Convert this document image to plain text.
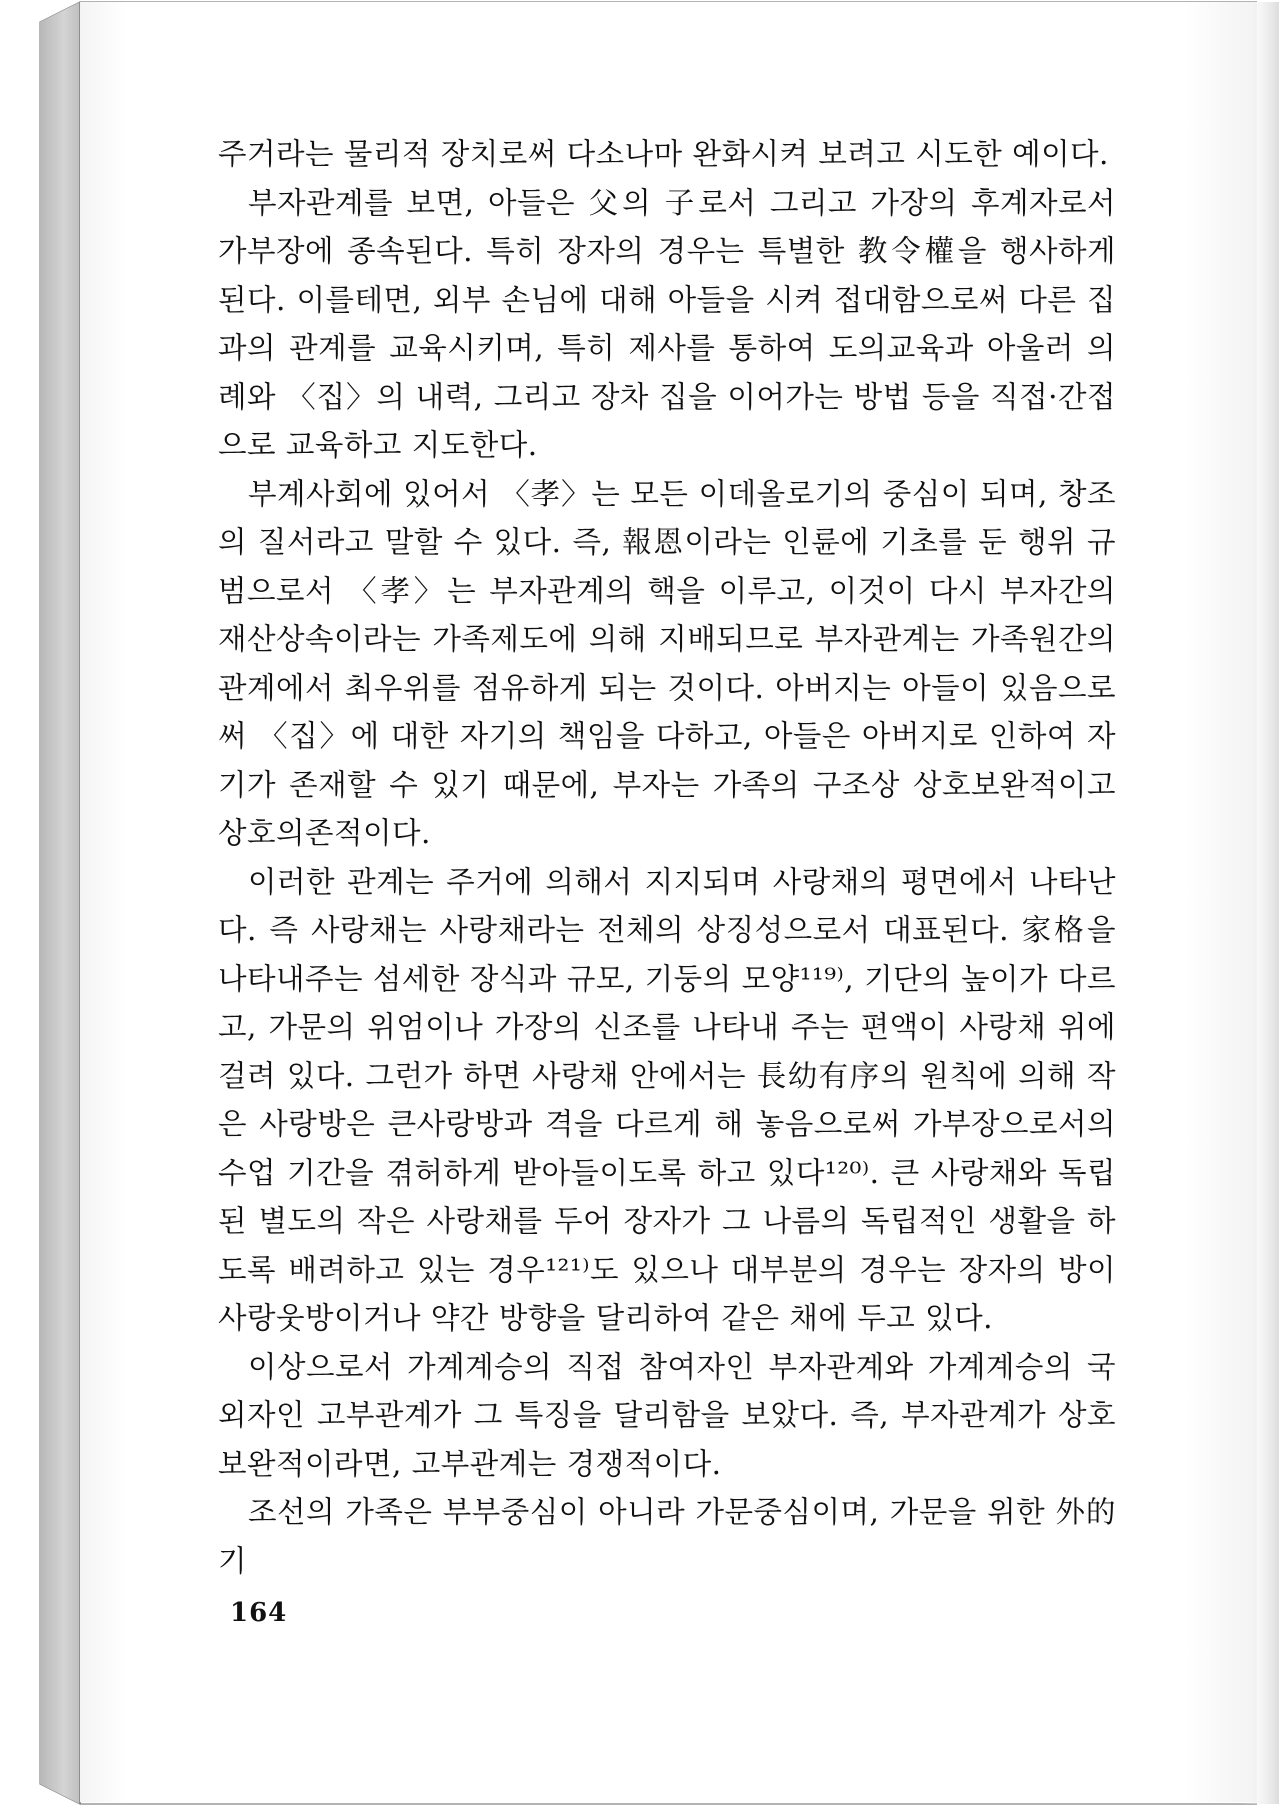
주거라는 물리적 장치로써 다소나마 완화시켜 보려고 시도한 예이다.

부자관계를 보면, 아들은 父의 子로서 그리고 가장의 후계자로서 가부장에 종속된다. 특히 장자의 경우는 특별한 教令權을 행사하게 된다. 이를테면, 외부 손님에 대해 아들을 시켜 접대함으로써 다른 집과의 관계를 교육시키며, 특히 제사를 통하여 도의교육과 아울러 의례와 〈집〉의 내력, 그리고 장차 집을 이어가는 방법 등을 직접·간접으로 교육하고 지도한다.

부계사회에 있어서 〈孝〉는 모든 이데올로기의 중심이 되며, 창조의 질서라고 말할 수 있다. 즉, 報恩이라는 인륜에 기초를 둔 행위 규범으로서 〈孝〉는 부자관계의 핵을 이루고, 이것이 다시 부자간의 재산상속이라는 가족제도에 의해 지배되므로 부자관계는 가족원간의 관계에서 최우위를 점유하게 되는 것이다. 아버지는 아들이 있음으로써 〈집〉에 대한 자기의 책임을 다하고, 아들은 아버지로 인하여 자기가 존재할 수 있기 때문에, 부자는 가족의 구조상 상호보완적이고 상호의존적이다.

이러한 관계는 주거에 의해서 지지되며 사랑채의 평면에서 나타난다. 즉 사랑채는 사랑채라는 전체의 상징성으로서 대표된다. 家格을 나타내주는 섬세한 장식과 규모, 기둥의 모양¹¹⁹⁾, 기단의 높이가 다르고, 가문의 위엄이나 가장의 신조를 나타내 주는 편액이 사랑채 위에 걸려 있다. 그런가 하면 사랑채 안에서는 長幼有序의 원칙에 의해 작은 사랑방은 큰사랑방과 격을 다르게 해 놓음으로써 가부장으로서의 수업 기간을 겪허하게 받아들이도록 하고 있다¹²⁰⁾. 큰 사랑채와 독립된 별도의 작은 사랑채를 두어 장자가 그 나름의 독립적인 생활을 하도록 배려하고 있는 경우¹²¹⁾도 있으나 대부분의 경우는 장자의 방이 사랑웃방이거나 약간 방향을 달리하여 같은 채에 두고 있다.

이상으로서 가계계승의 직접 참여자인 부자관계와 가계계승의 국외자인 고부관계가 그 특징을 달리함을 보았다. 즉, 부자관계가 상호보완적이라면, 고부관계는 경쟁적이다.

조선의 가족은 부부중심이 아니라 가문중심이며, 가문을 위한 外的 기

164
